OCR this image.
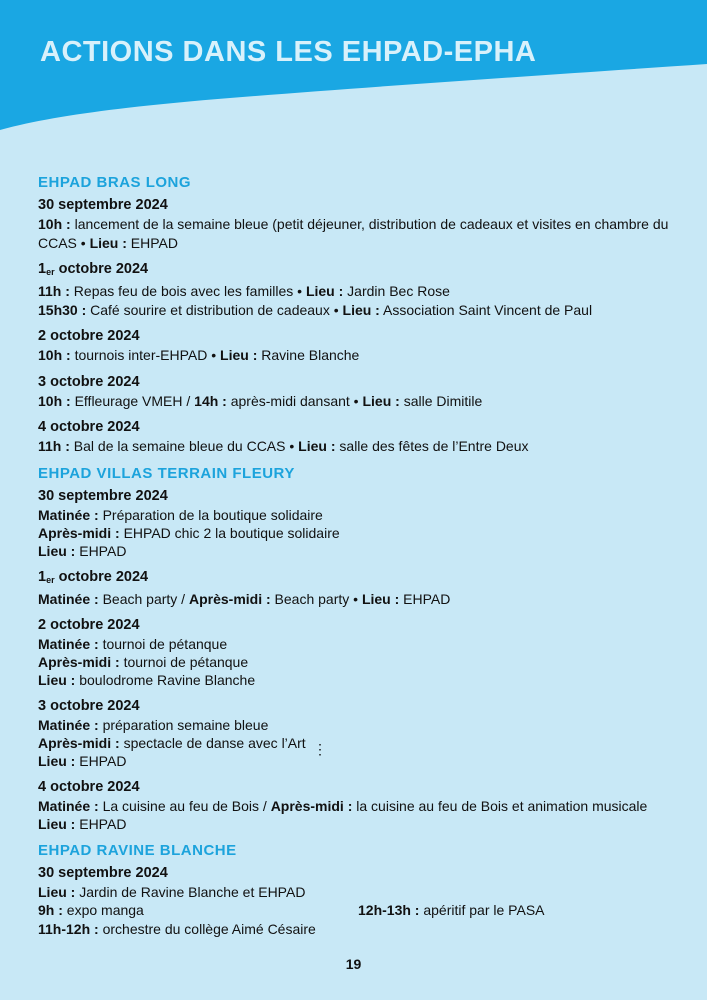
ACTIONS DANS LES EHPAD-EPHA
EHPAD BRAS LONG
30 septembre 2024
10h : lancement de la semaine bleue (petit déjeuner, distribution de cadeaux et visites en chambre du CCAS • Lieu : EHPAD
1er octobre 2024
11h : Repas feu de bois avec les familles • Lieu : Jardin Bec Rose
15h30 : Café sourire et distribution de cadeaux • Lieu : Association Saint Vincent de Paul
2 octobre 2024
10h : tournois inter-EHPAD • Lieu : Ravine Blanche
3 octobre 2024
10h : Effleurage VMEH / 14h : après-midi dansant • Lieu : salle Dimitile
4 octobre 2024
11h : Bal de la semaine bleue du CCAS • Lieu : salle des fêtes de l’Entre Deux
EHPAD VILLAS TERRAIN FLEURY
30 septembre 2024
Matinée : Préparation de la boutique solidaire
Après-midi : EHPAD chic 2 la boutique solidaire
Lieu : EHPAD
1er octobre 2024
Matinée : Beach party / Après-midi : Beach party • Lieu : EHPAD
2 octobre 2024
Matinée : tournoi de pétanque
Après-midi : tournoi de pétanque
Lieu : boulodrome Ravine Blanche
3 octobre 2024
Matinée : préparation semaine bleue
Après-midi : spectacle de danse avec l’Art
Lieu : EHPAD
4 octobre 2024
Matinée : La cuisine au feu de Bois / Après-midi : la cuisine au feu de Bois et animation musicale
Lieu : EHPAD
EHPAD RAVINE BLANCHE
30 septembre 2024
Lieu : Jardin de Ravine Blanche et EHPAD
9h : expo manga
11h-12h : orchestre du collège Aimé Césaire
12h-13h : apéritif par le PASA
⋮
19
